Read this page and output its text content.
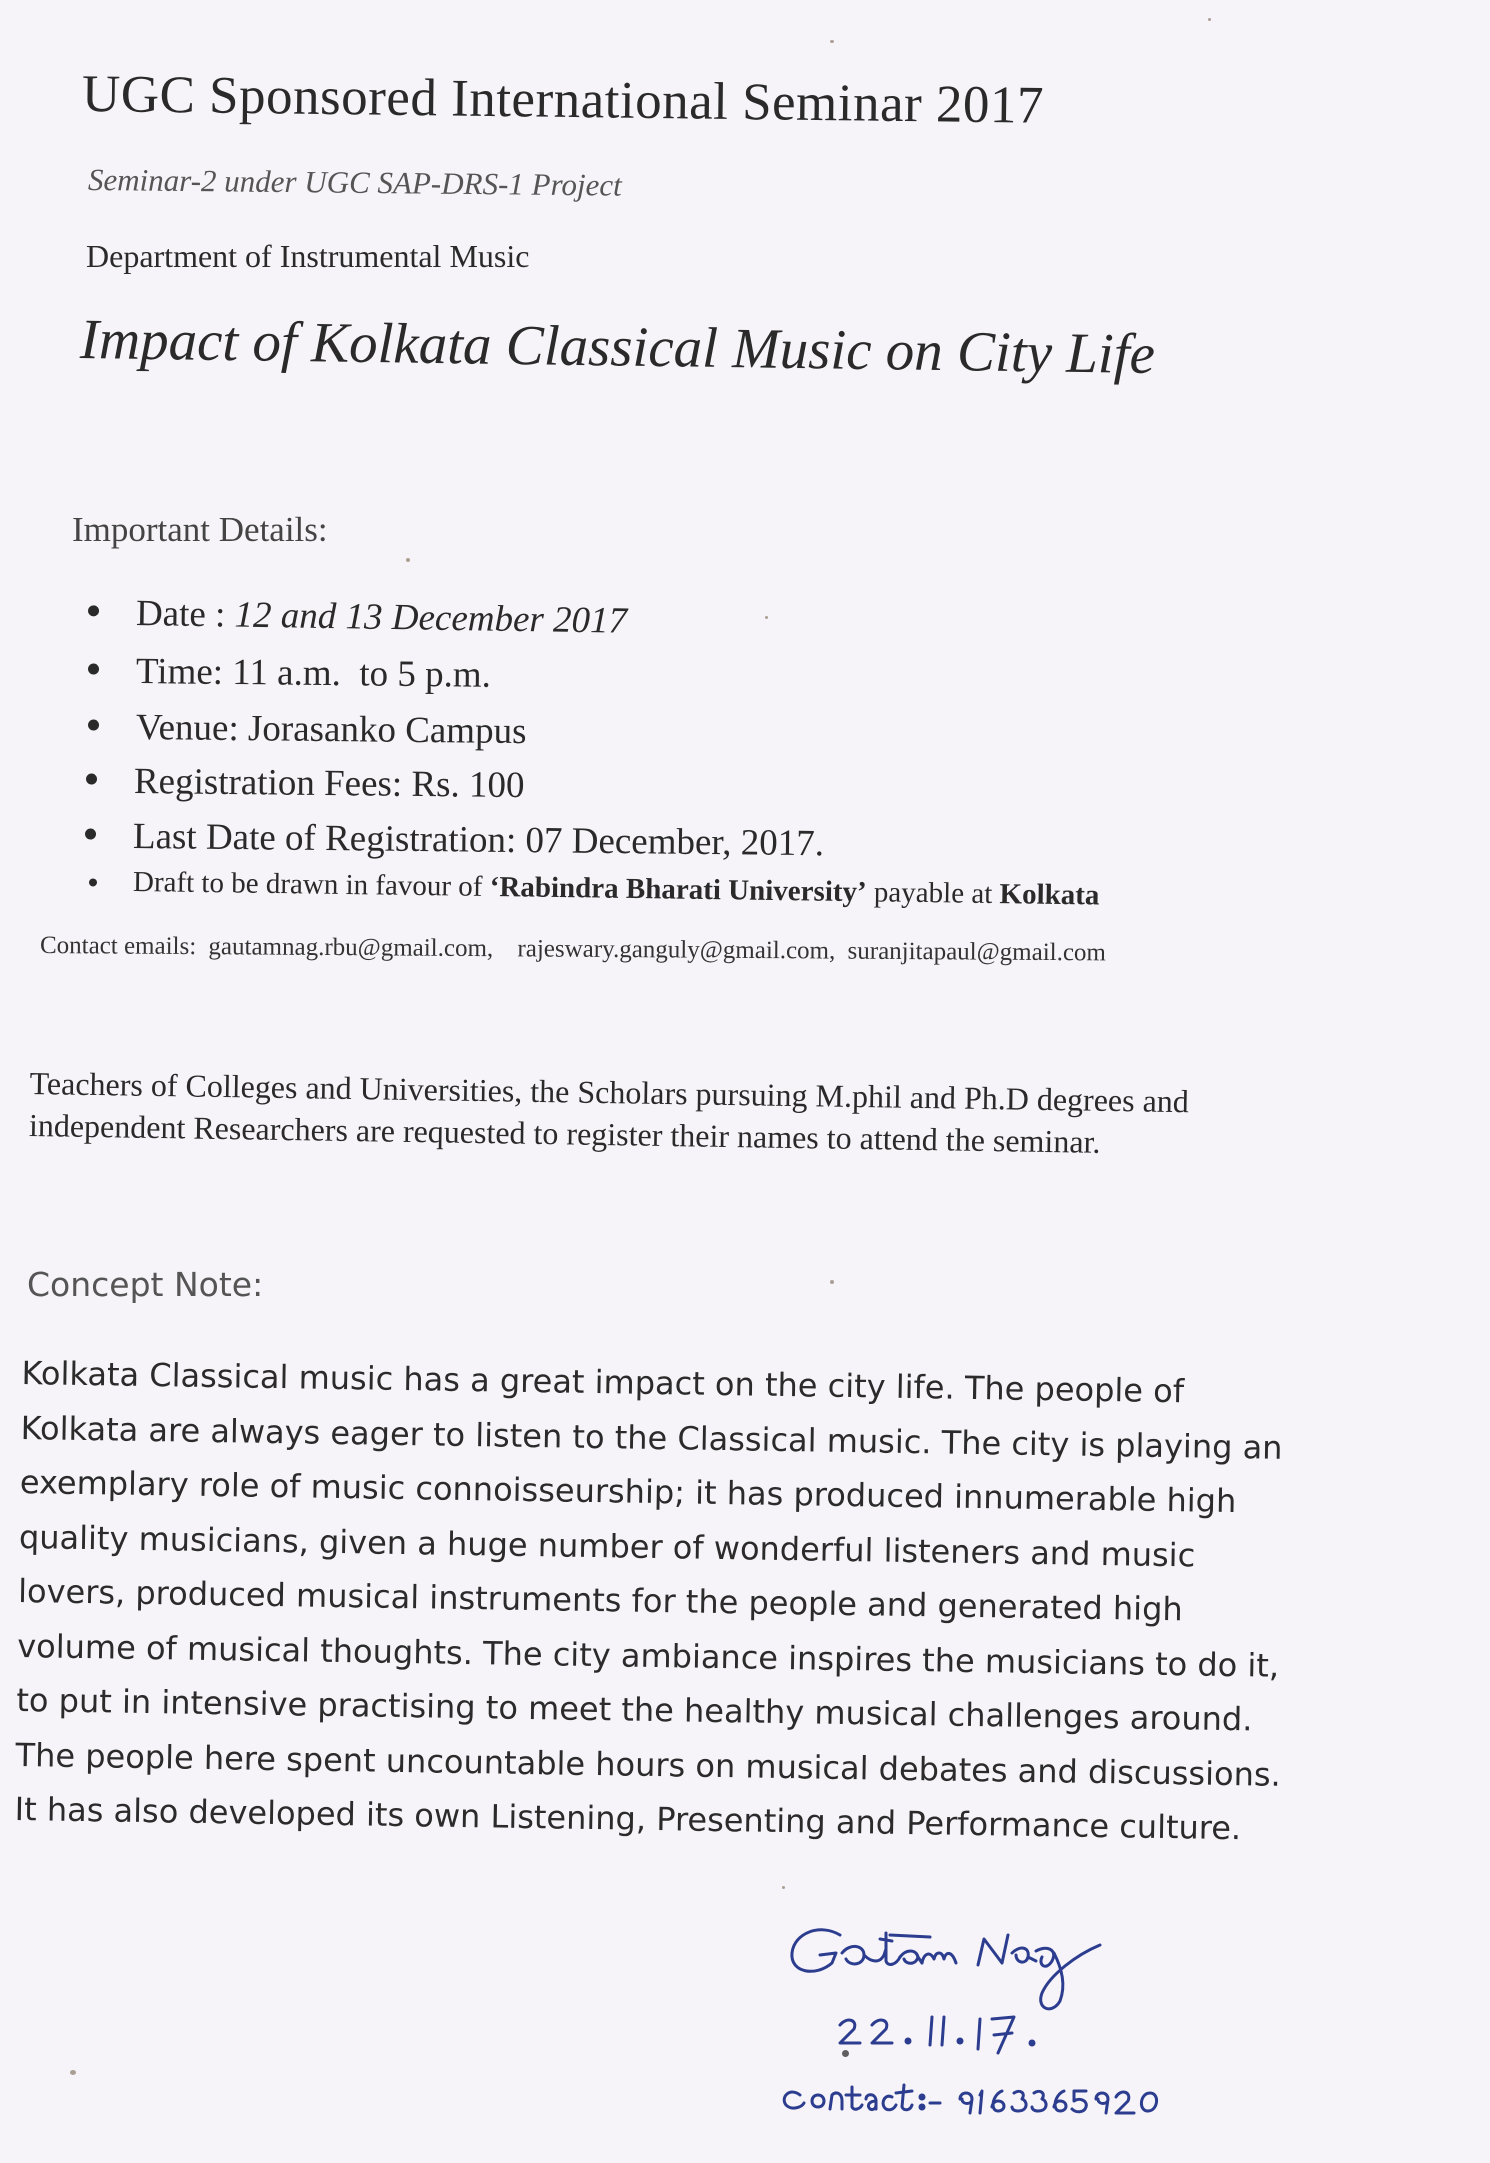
UGC Sponsored International Seminar 2017
Seminar-2 under UGC SAP-DRS-1 Project
Department of Instrumental Music
Impact of Kolkata Classical Music on City Life
Important Details:
Date : 12 and 13 December 2017
Time: 11 a.m.  to 5 p.m.
Venue: Jorasanko Campus
Registration Fees: Rs. 100
Last Date of Registration: 07 December, 2017.
Draft to be drawn in favour of ‘Rabindra Bharati University’ payable at Kolkata
Contact emails: gautamnag.rbu@gmail.com, rajeswary.ganguly@gmail.com, suranjitapaul@gmail.com
Teachers of Colleges and Universities, the Scholars pursuing M.phil and Ph.D degrees and
independent Researchers are requested to register their names to attend the seminar.
Concept Note:
Kolkata Classical music has a great impact on the city life. The people of
Kolkata are always eager to listen to the Classical music. The city is playing an
exemplary role of music connoisseurship; it has produced innumerable high
quality musicians, given a huge number of wonderful listeners and music
lovers, produced musical instruments for the people and generated high
volume of musical thoughts. The city ambiance inspires the musicians to do it,
to put in intensive practising to meet the healthy musical challenges around.
The people here spent uncountable hours on musical debates and discussions.
It has also developed its own Listening, Presenting and Performance culture.
